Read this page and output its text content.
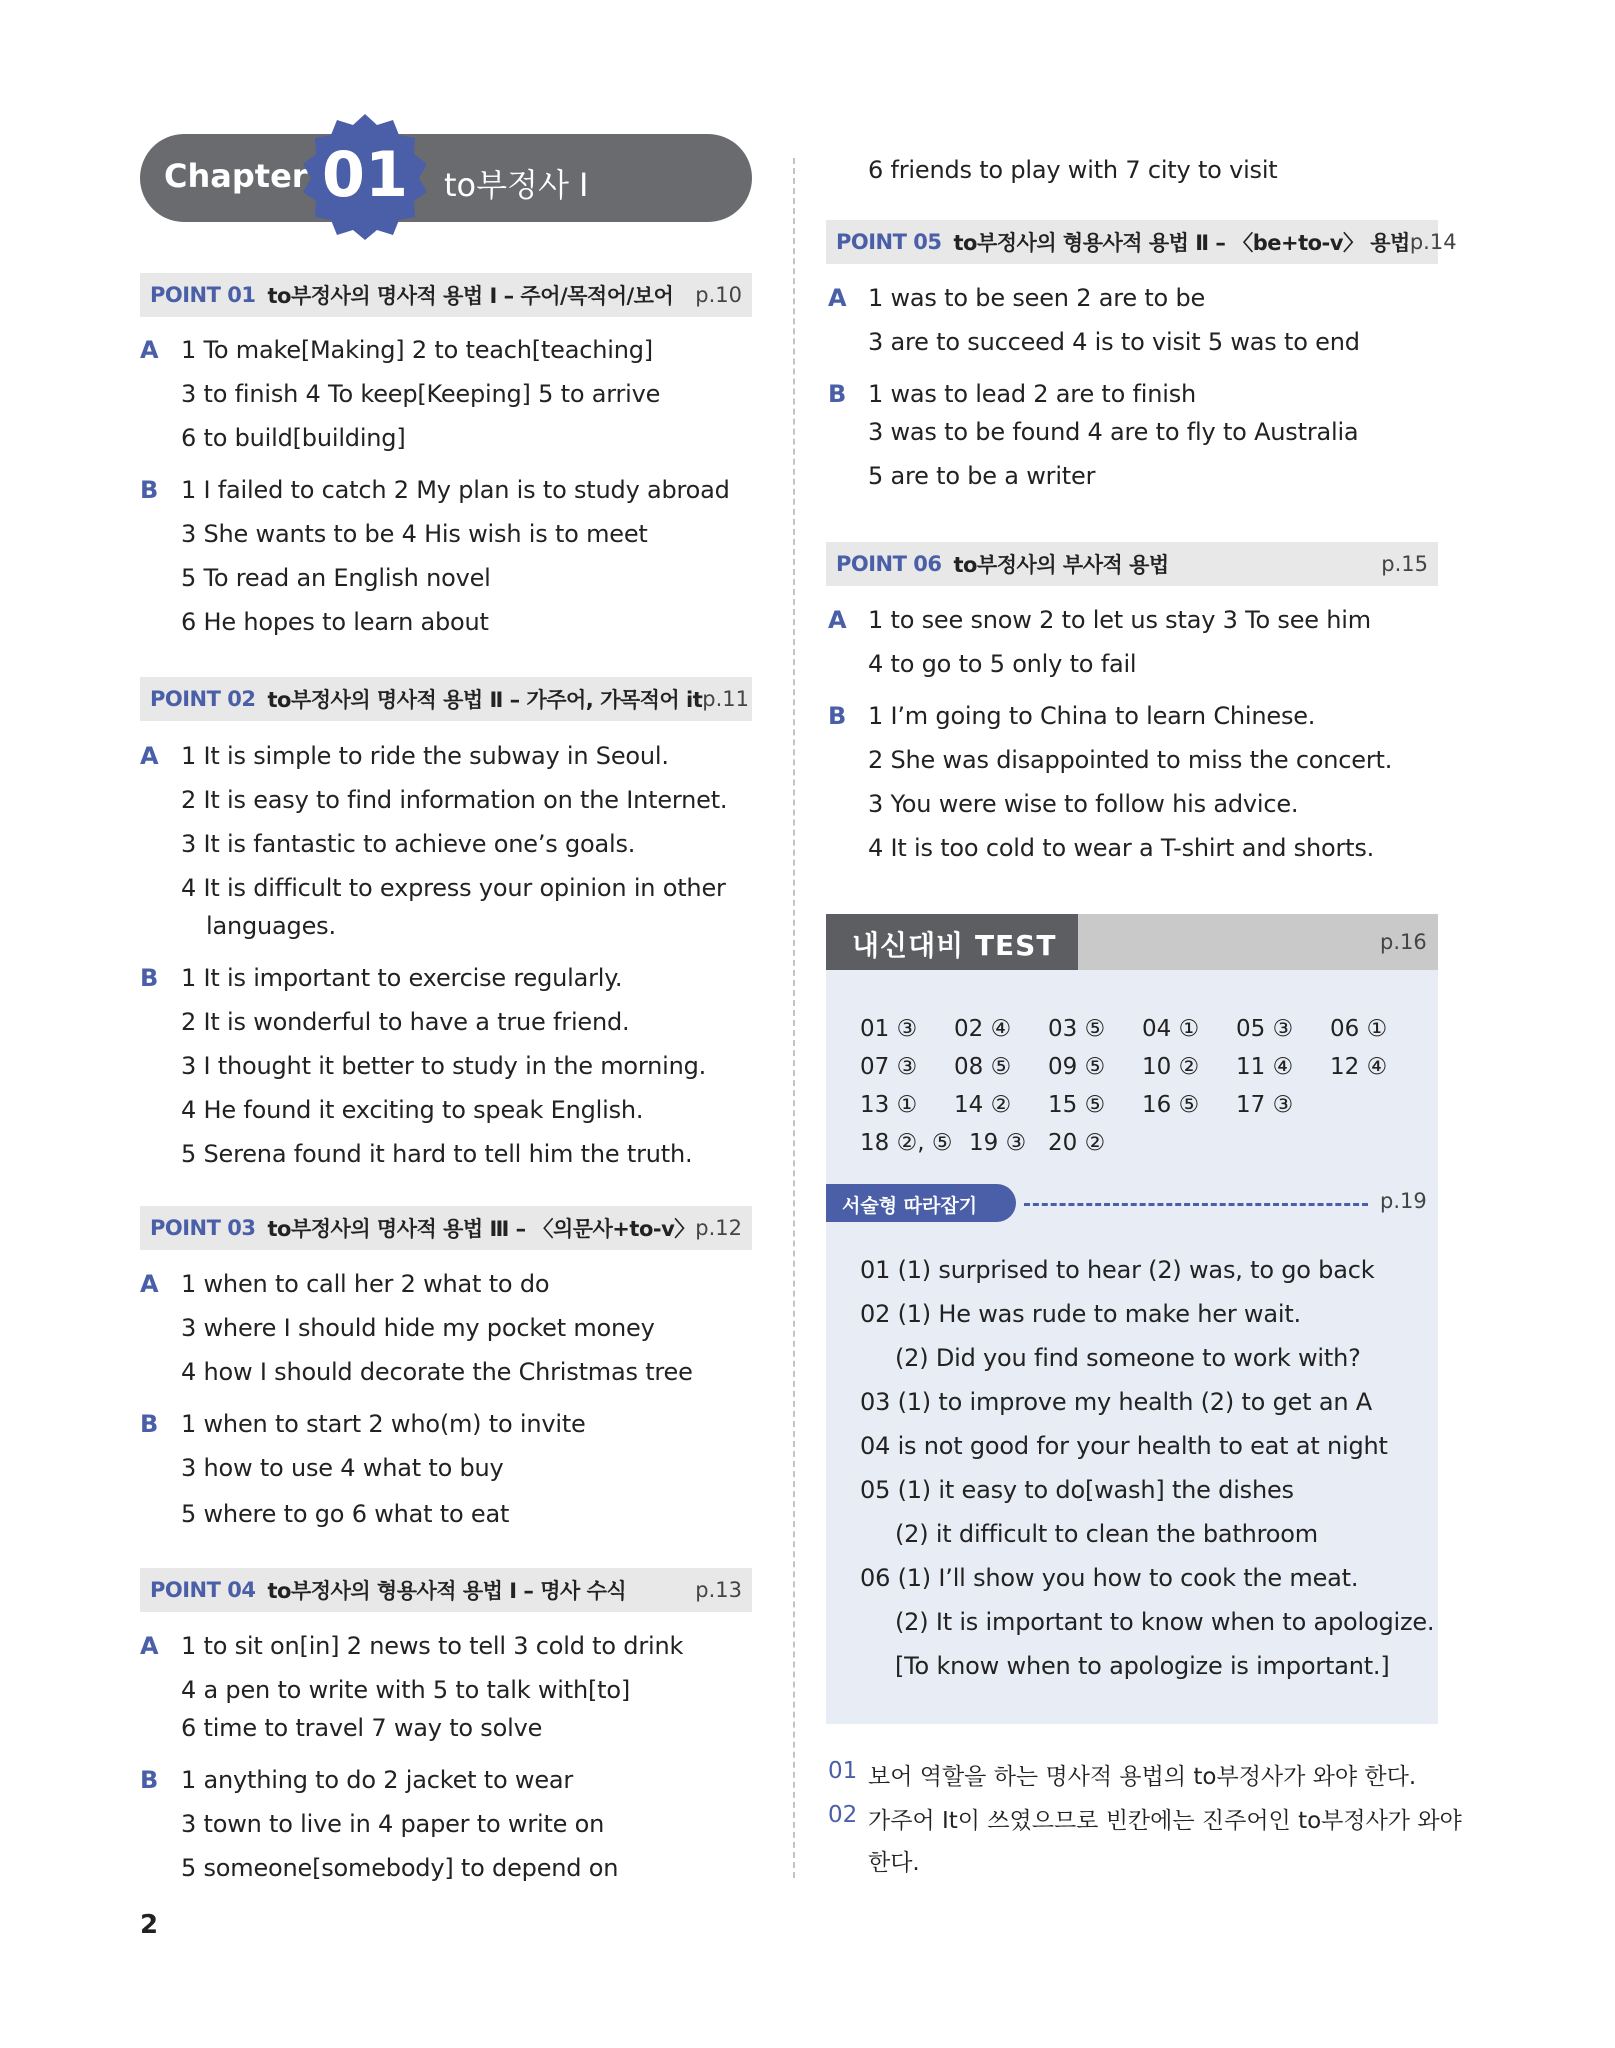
Chapter 01	to부정사 Ⅰ
POINT 01 to부정사의 명사적 용법 Ⅰ – 주어/목적어/보어 p.10
A 1 To make[Making] 2 to teach[teaching]
3 to finish 4 To keep[Keeping] 5 to arrive
6 to build[building]
B 1 I failed to catch 2 My plan is to study abroad
3 She wants to be 4 His wish is to meet
5 To read an English novel
6 He hopes to learn about
POINT 02 to부정사의 명사적 용법 Ⅱ – 가주어, 가목적어 it p.11
A 1 It is simple to ride the subway in Seoul.
2 It is easy to find information on the Internet.
3 It is fantastic to achieve one’s goals.
4 It is difficult to express your opinion in other
languages.
B 1 It is important to exercise regularly.
2 It is wonderful to have a true friend.
3 I thought it better to study in the morning.
4 He found it exciting to speak English.
5 Serena found it hard to tell him the truth.
POINT 03 to부정사의 명사적 용법 Ⅲ – 〈의문사+to-v〉 p.12
A 1 when to call her 2 what to do
3 where I should hide my pocket money
4 how I should decorate the Christmas tree
B 1 when to start 2 who(m) to invite
3 how to use 4 what to buy
5 where to go 6 what to eat
POINT 04 to부정사의 형용사적 용법 Ⅰ – 명사 수식	p.13
A 1 to sit on[in] 2 news to tell 3 cold to drink
4 a pen to write with 5 to talk with[to]
6 time to travel 7 way to solve
B 1 anything to do 2 jacket to wear
3 town to live in 4 paper to write on
5 someone[somebody] to depend on
6 friends to play with 7 city to visit
POINT 05 to부정사의 형용사적 용법 Ⅱ – 〈be+to-v〉 용법 p.14
A 1 was to be seen 2 are to be
3 are to succeed 4 is to visit 5 was to end
B 1 was to lead 2 are to finish
3 was to be found 4 are to fly to Australia
5 are to be a writer
POINT 06 to부정사의 부사적 용법	p.15
A 1 to see snow 2 to let us stay 3 To see him
4 to go to 5 only to fail
B 1 I’m going to China to learn Chinese.
2 She was disappointed to miss the concert.
3 You were wise to follow his advice.
4 It is too cold to wear a T-shirt and shorts.
내신대비 TEST	p.16
01 ③ 02 ④ 03 ⑤ 04 ① 05 ③ 06 ①
07 ③ 08 ⑤ 09 ⑤ 10 ② 11 ④ 12 ④
13 ① 14 ② 15 ⑤ 16 ⑤ 17 ③
18 ②, ⑤ 19 ③ 20 ②
서술형 따라잡기	p.19
01 (1) surprised to hear (2) was, to go back
02 (1) He was rude to make her wait.
(2) Did you find someone to work with?
03 (1) to improve my health (2) to get an A
04 is not good for your health to eat at night
05 (1) it easy to do[wash] the dishes
(2) it difficult to clean the bathroom
06 (1) I’ll show you how to cook the meat.
(2) It is important to know when to apologize.
[To know when to apologize is important.]
01 보어 역할을 하는 명사적 용법의 to부정사가 와야 한다.
02 가주어 It이 쓰였으므로 빈칸에는 진주어인 to부정사가 와야
한다.
2
